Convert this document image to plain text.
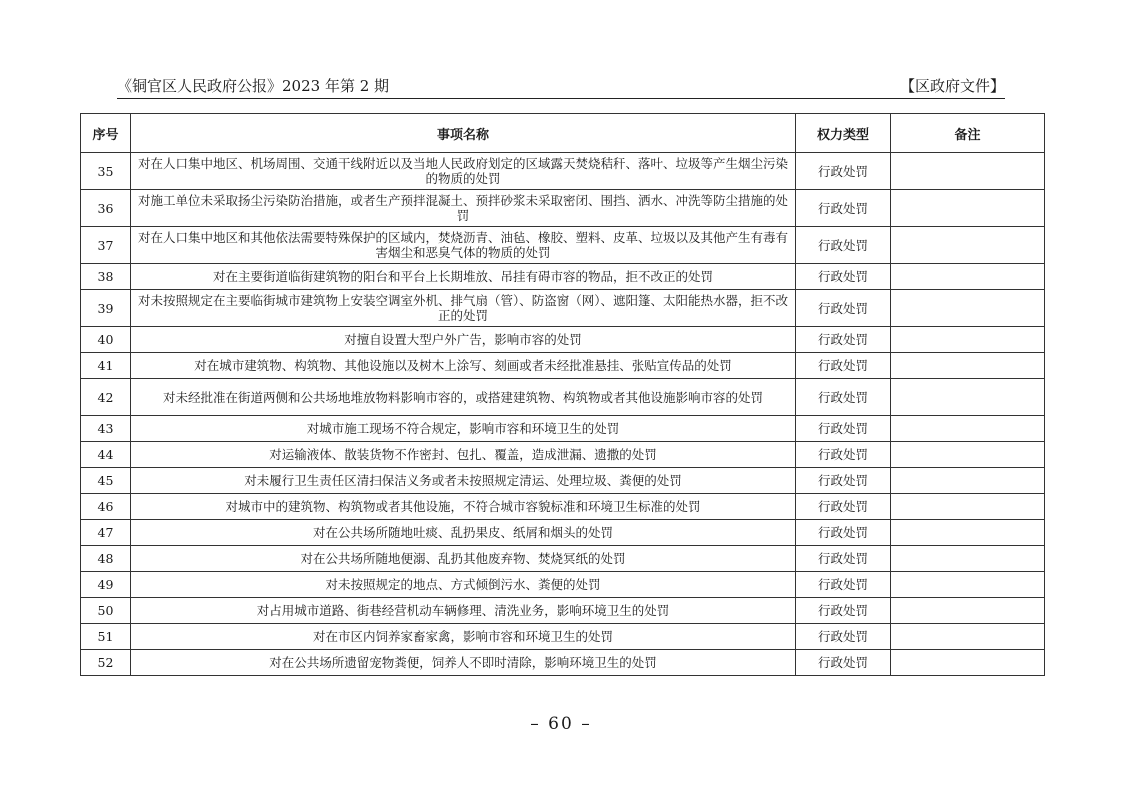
《铜官区人民政府公报》2023 年第 2 期	【区政府文件】
序号	事项名称	权力类型	备注
35	对在人口集中地区、机场周围、交通干线附近以及当地人民政府划定的区域露天焚烧秸秆、落叶、垃圾等产生烟尘污染的物质的处罚	行政处罚	
36	对施工单位未采取扬尘污染防治措施，或者生产预拌混凝土、预拌砂浆未采取密闭、围挡、洒水、冲洗等防尘措施的处罚	行政处罚	
37	对在人口集中地区和其他依法需要特殊保护的区域内，焚烧沥青、油毡、橡胶、塑料、皮革、垃圾以及其他产生有毒有害烟尘和恶臭气体的物质的处罚	行政处罚	
38	对在主要街道临街建筑物的阳台和平台上长期堆放、吊挂有碍市容的物品，拒不改正的处罚	行政处罚	
39	对未按照规定在主要临街城市建筑物上安装空调室外机、排气扇（管）、防盗窗（网）、遮阳篷、太阳能热水器，拒不改正的处罚	行政处罚	
40	对擅自设置大型户外广告，影响市容的处罚	行政处罚	
41	对在城市建筑物、构筑物、其他设施以及树木上涂写、刻画或者未经批准悬挂、张贴宣传品的处罚	行政处罚	
42	对未经批准在街道两侧和公共场地堆放物料影响市容的，或搭建建筑物、构筑物或者其他设施影响市容的处罚	行政处罚	
43	对城市施工现场不符合规定，影响市容和环境卫生的处罚	行政处罚	
44	对运输液体、散装货物不作密封、包扎、覆盖，造成泄漏、遗撒的处罚	行政处罚	
45	对未履行卫生责任区清扫保洁义务或者未按照规定清运、处理垃圾、粪便的处罚	行政处罚	
46	对城市中的建筑物、构筑物或者其他设施，不符合城市容貌标准和环境卫生标准的处罚	行政处罚	
47	对在公共场所随地吐痰、乱扔果皮、纸屑和烟头的处罚	行政处罚	
48	对在公共场所随地便溺、乱扔其他废弃物、焚烧冥纸的处罚	行政处罚	
49	对未按照规定的地点、方式倾倒污水、粪便的处罚	行政处罚	
50	对占用城市道路、街巷经营机动车辆修理、清洗业务，影响环境卫生的处罚	行政处罚	
51	对在市区内饲养家畜家禽，影响市容和环境卫生的处罚	行政处罚	
52	对在公共场所遗留宠物粪便，饲养人不即时清除，影响环境卫生的处罚	行政处罚	
– 60 –
